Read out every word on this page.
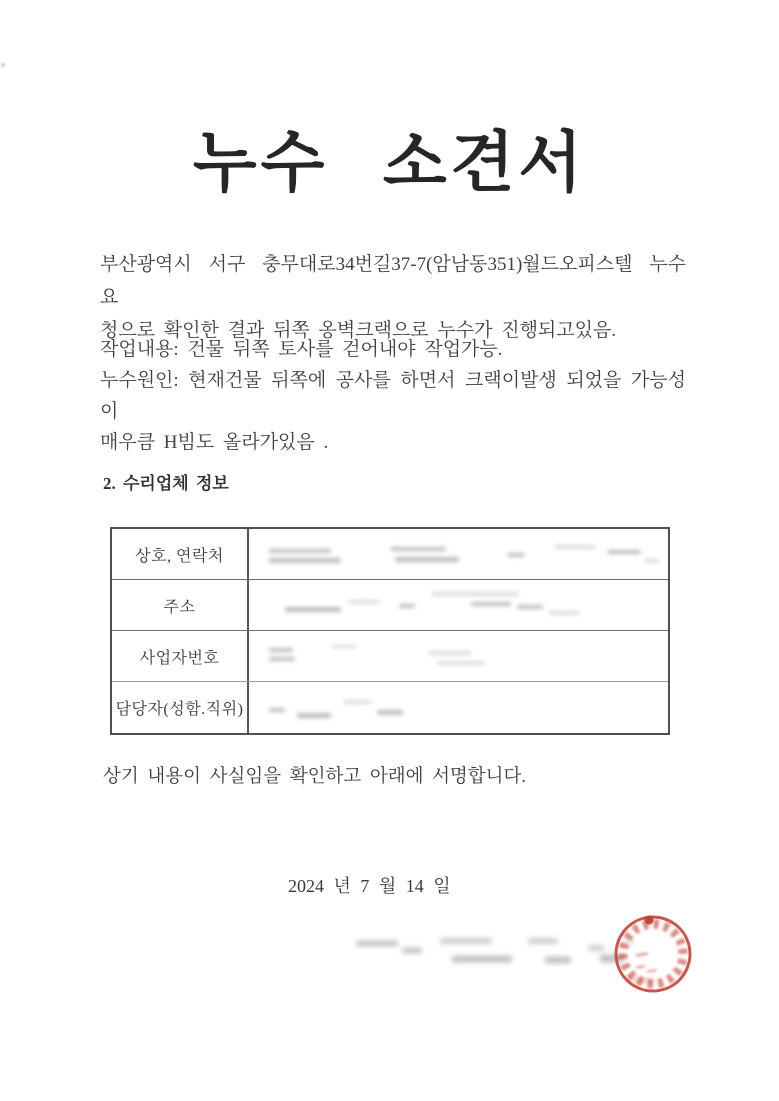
누수 소견서
부산광역시 서구 충무대로34번길37-7(암남동351)월드오피스텔 누수 요
청으로 확인한 결과 뒤쪽 옹벽크랙으로 누수가 진행되고있음.
작업내용: 건물 뒤쪽 토사를 걷어내야 작업가능.
누수원인: 현재건물 뒤쪽에 공사를 하면서 크랙이발생 되었을 가능성이
매우큼 H빔도 올라가있음 .
2. 수리업체 정보
상호, 연락처
주소
사업자번호
담당자(성함.직위)
상기 내용이 사실임을 확인하고 아래에 서명합니다.
2024 년 7 월 14 일
